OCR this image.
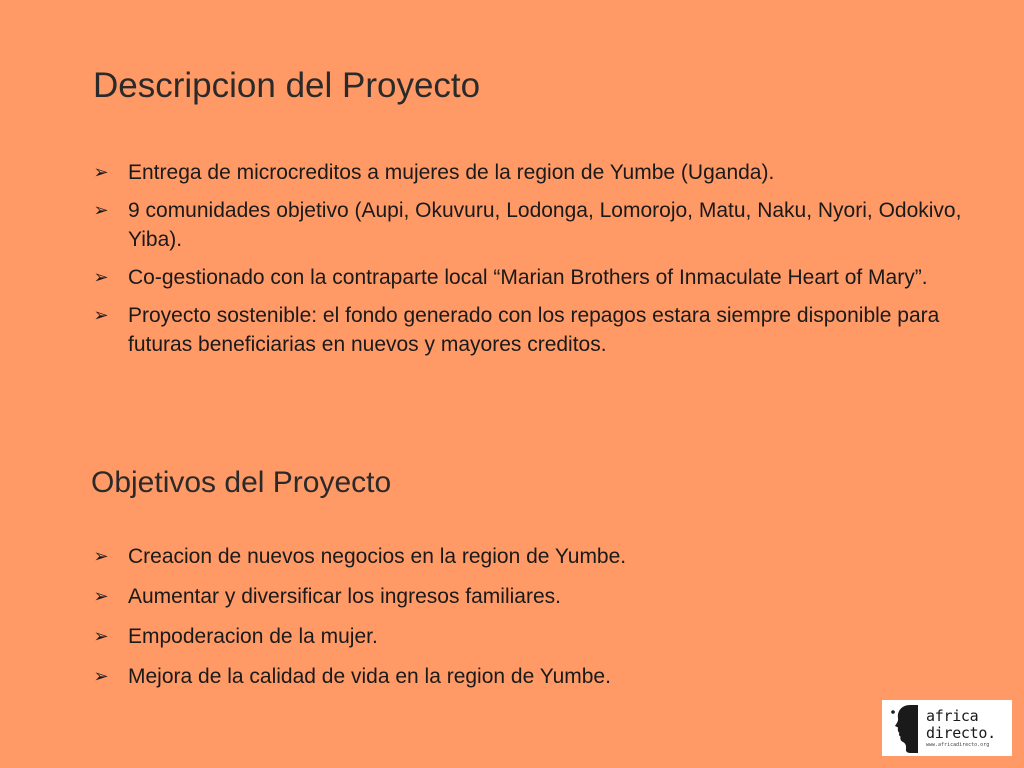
Descripcion del Proyecto
➢ Entrega de microcreditos a mujeres de la region de Yumbe (Uganda).
➢ 9 comunidades objetivo (Aupi, Okuvuru, Lodonga, Lomorojo, Matu, Naku, Nyori, Odokivo, Yiba).
➢ Co-gestionado con la contraparte local “Marian Brothers of Inmaculate Heart of Mary”.
➢ Proyecto sostenible: el fondo generado con los repagos estara siempre disponible para futuras beneficiarias en nuevos y mayores creditos.
Objetivos del Proyecto
➢ Creacion de nuevos negocios en la region de Yumbe.
➢ Aumentar y diversificar los ingresos familiares.
➢ Empoderacion de la mujer.
➢ Mejora de la calidad de vida en la region de Yumbe.
africa
directo.
www.africadirecto.org
